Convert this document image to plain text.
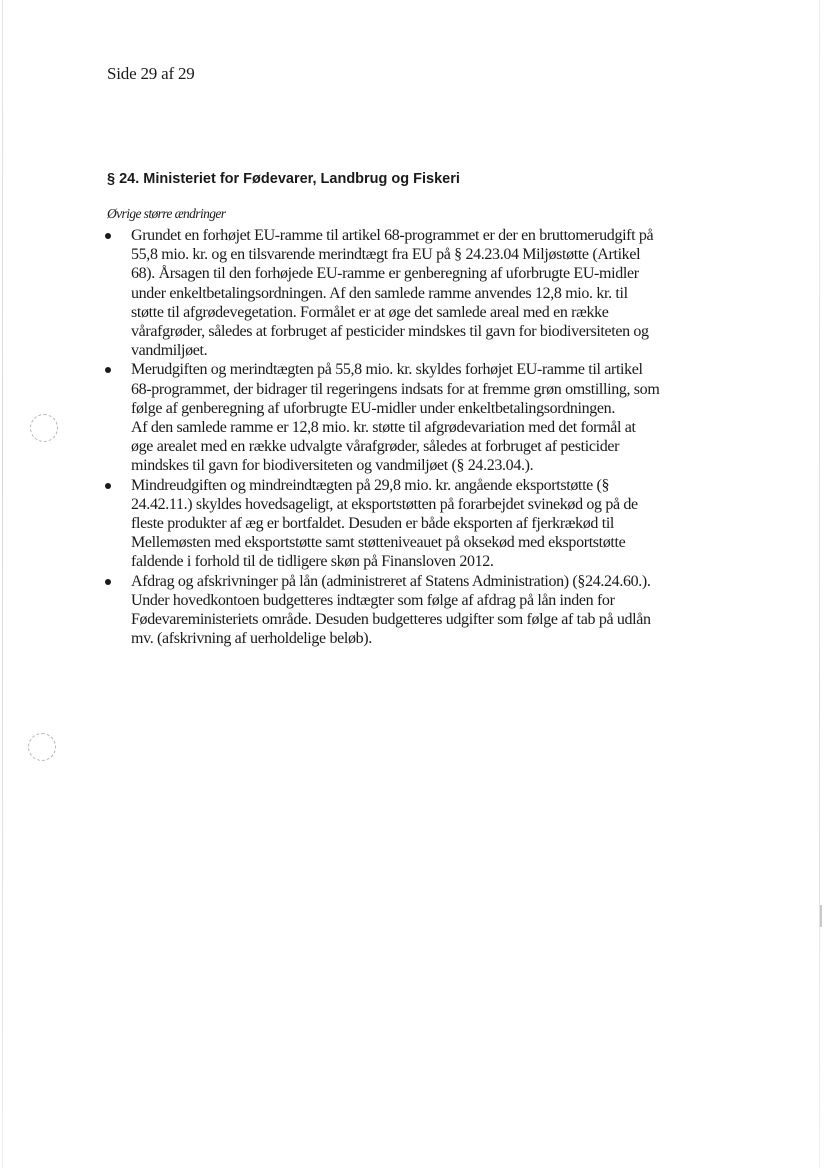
Side 29 af 29
§ 24. Ministeriet for Fødevarer, Landbrug og Fiskeri
Øvrige større ændringer
Grundet en forhøjet EU-ramme til artikel 68-programmet er der en bruttomerudgift på
55,8 mio. kr. og en tilsvarende merindtægt fra EU på § 24.23.04 Miljøstøtte (Artikel
68). Årsagen til den forhøjede EU-ramme er genberegning af uforbrugte EU-midler
under enkeltbetalingsordningen. Af den samlede ramme anvendes 12,8 mio. kr. til
støtte til afgrødevegetation. Formålet er at øge det samlede areal med en række
vårafgrøder, således at forbruget af pesticider mindskes til gavn for biodiversiteten og
vandmiljøet.
Merudgiften og merindtægten på 55,8 mio. kr. skyldes forhøjet EU-ramme til artikel
68-programmet, der bidrager til regeringens indsats for at fremme grøn omstilling, som
følge af genberegning af uforbrugte EU-midler under enkeltbetalingsordningen.
Af den samlede ramme er 12,8 mio. kr. støtte til afgrødevariation med det formål at
øge arealet med en række udvalgte vårafgrøder, således at forbruget af pesticider
mindskes til gavn for biodiversiteten og vandmiljøet (§ 24.23.04.).
Mindreudgiften og mindreindtægten på 29,8 mio. kr. angående eksportstøtte (§
24.42.11.) skyldes hovedsageligt, at eksportstøtten på forarbejdet svinekød og på de
fleste produkter af æg er bortfaldet. Desuden er både eksporten af fjerkrækød til
Mellemøsten med eksportstøtte samt støtteniveauet på oksekød med eksportstøtte
faldende i forhold til de tidligere skøn på Finansloven 2012.
Afdrag og afskrivninger på lån (administreret af Statens Administration) (§24.24.60.).
Under hovedkontoen budgetteres indtægter som følge af afdrag på lån inden for
Fødevareministeriets område. Desuden budgetteres udgifter som følge af tab på udlån
mv. (afskrivning af uerholdelige beløb).
